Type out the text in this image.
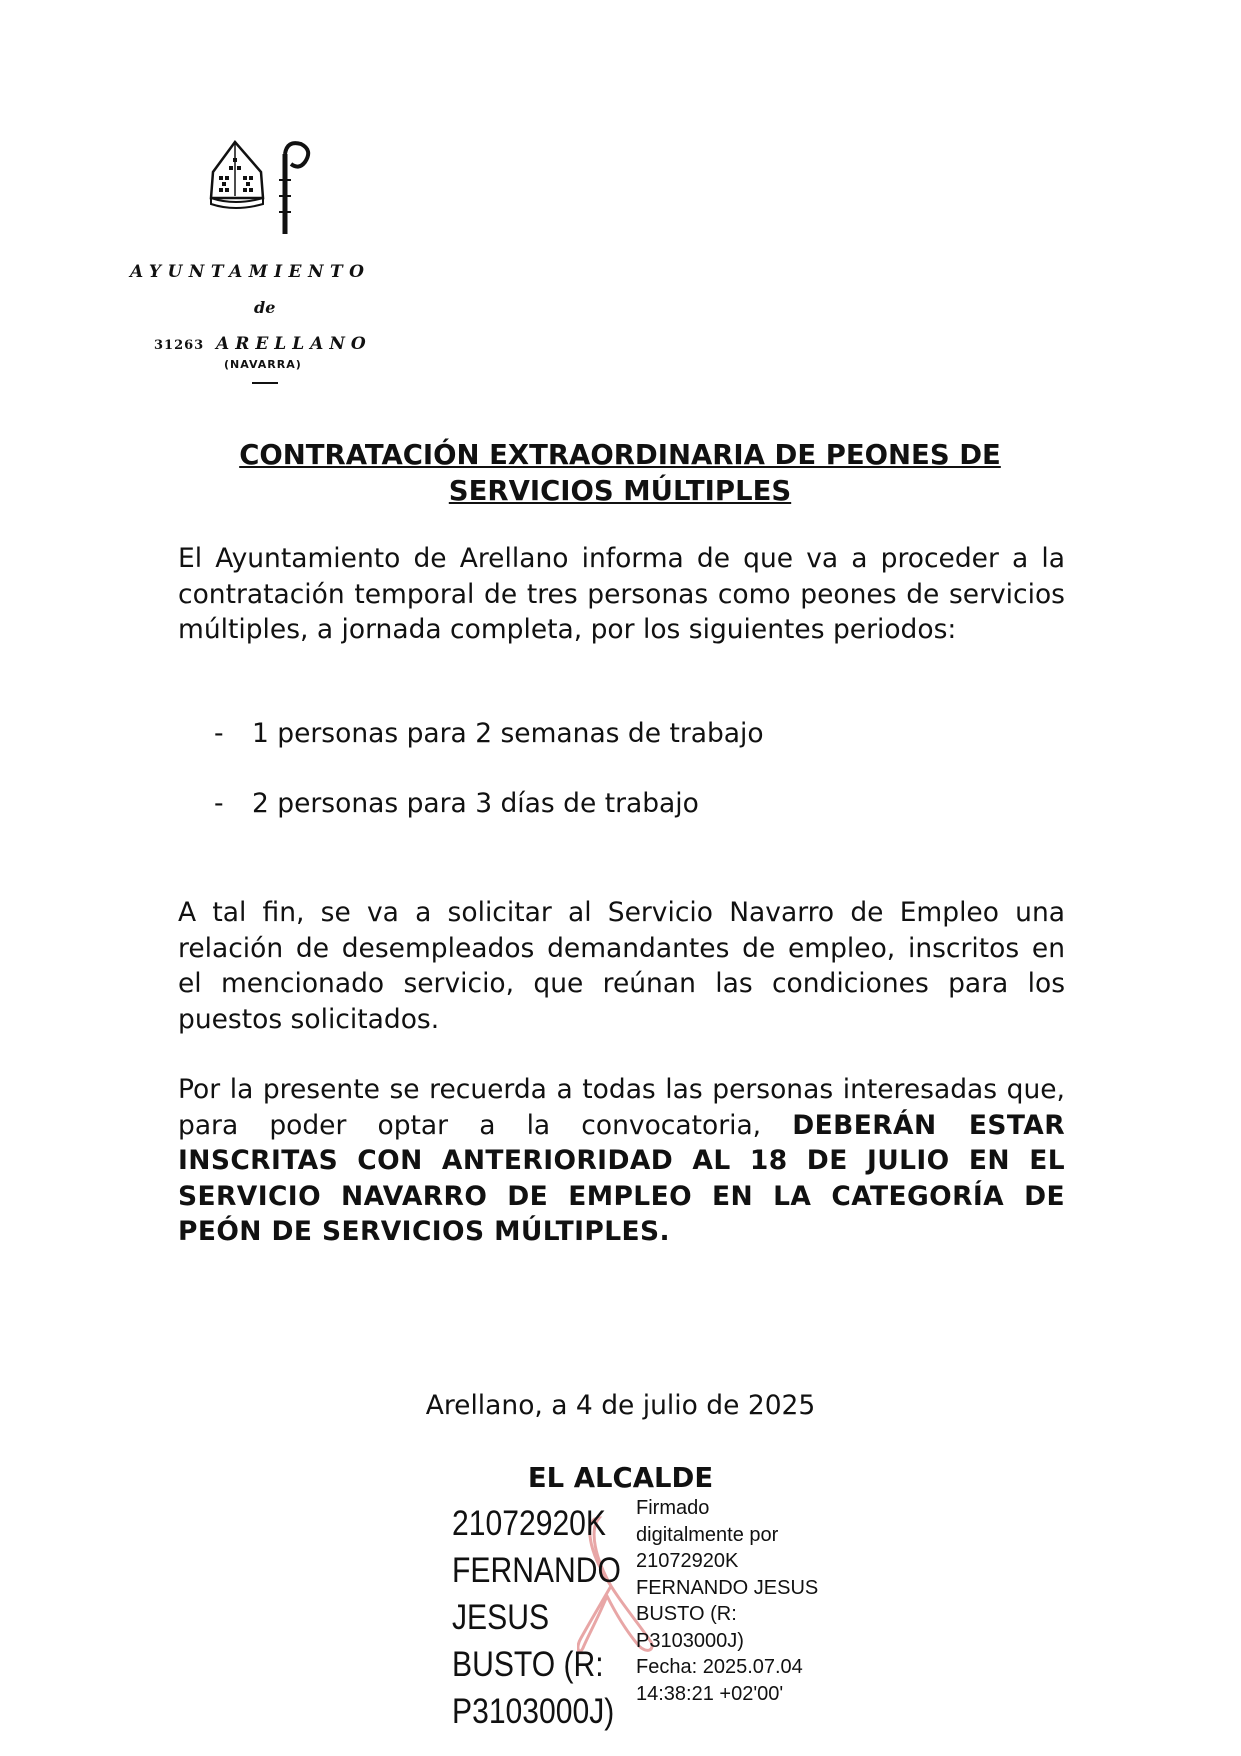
AYUNTAMIENTO
de
31263 ARELLANO
(NAVARRA)
CONTRATACIÓN EXTRAORDINARIA DE PEONES DE SERVICIOS MÚLTIPLES
El Ayuntamiento de Arellano informa de que va a proceder a la contratación temporal de tres personas como peones de servicios múltiples, a jornada completa, por los siguientes periodos:
- 1 personas para 2 semanas de trabajo
- 2 personas para 3 días de trabajo
A tal fin, se va a solicitar al Servicio Navarro de Empleo una relación de desempleados demandantes de empleo, inscritos en el mencionado servicio, que reúnan las condiciones para los puestos solicitados.
Por la presente se recuerda a todas las personas interesadas que, para poder optar a la convocatoria, DEBERÁN ESTAR INSCRITAS CON ANTERIORIDAD AL 18 DE JULIO EN EL SERVICIO NAVARRO DE EMPLEO EN LA CATEGORÍA DE PEÓN DE SERVICIOS MÚLTIPLES.
Arellano, a 4 de julio de 2025
EL ALCALDE
21072920K
FERNANDO
JESUS
BUSTO (R:
P3103000J)
Firmado
digitalmente por
21072920K
FERNANDO JESUS
BUSTO (R:
P3103000J)
Fecha: 2025.07.04
14:38:21 +02'00'
